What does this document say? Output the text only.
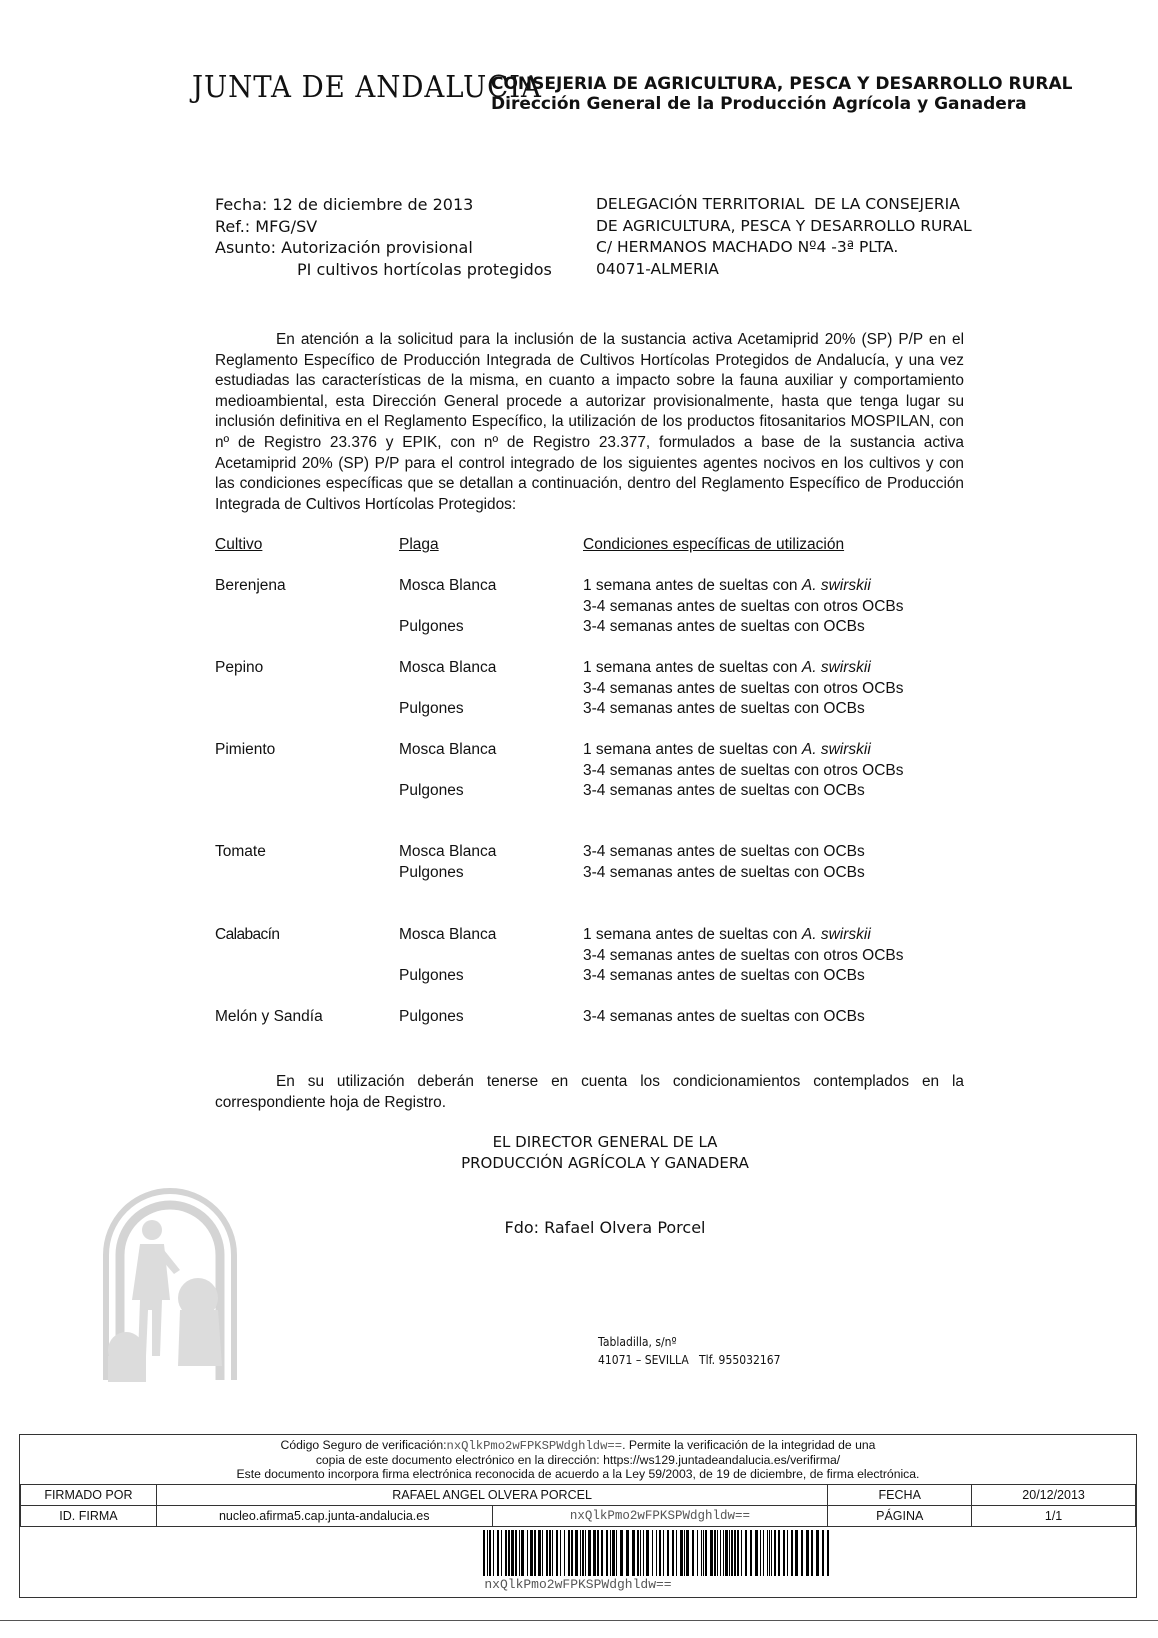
JUNTA DE ANDALUCIA
CONSEJERIA DE AGRICULTURA, PESCA Y DESARROLLO RURAL
Dirección General de la Producción Agrícola y Ganadera
Fecha: 12 de diciembre de 2013
Ref.: MFG/SV
Asunto: Autorización provisional
PI cultivos hortícolas protegidos
DELEGACIÓN TERRITORIAL  DE LA CONSEJERIA
DE AGRICULTURA, PESCA Y DESARROLLO RURAL
C/ HERMANOS MACHADO Nº4 -3ª PLTA.
04071-ALMERIA

En atención a la solicitud para la inclusión de la sustancia activa Acetamiprid 20% (SP) P/P en el Reglamento Específico de Producción Integrada de Cultivos Hortícolas Protegidos de Andalucía, y una vez estudiadas las características de la misma, en cuanto a impacto sobre la fauna auxiliar y comportamiento medioambiental, esta Dirección General procede a autorizar provisionalmente, hasta que tenga lugar su inclusión definitiva en el Reglamento Específico, la utilización de los productos fitosanitarios MOSPILAN, con nº de Registro 23.376 y EPIK, con nº de Registro 23.377, formulados a base de la sustancia activa Acetamiprid 20% (SP) P/P para el control integrado de los siguientes agentes nocivos en los cultivos y con las condiciones específicas que se detallan a continuación, dentro del Reglamento Específico de Producción Integrada de Cultivos Hortícolas Protegidos:

Cultivo	Plaga	Condiciones específicas de utilización
Berenjena	Mosca Blanca	1 semana antes de sueltas con A. swirskii
3-4 semanas antes de sueltas con otros OCBs
Pulgones	3-4 semanas antes de sueltas con OCBs
Pepino	Mosca Blanca	1 semana antes de sueltas con A. swirskii
3-4 semanas antes de sueltas con otros OCBs
Pulgones	3-4 semanas antes de sueltas con OCBs
Pimiento	Mosca Blanca	1 semana antes de sueltas con A. swirskii
3-4 semanas antes de sueltas con otros OCBs
Pulgones	3-4 semanas antes de sueltas con OCBs
Tomate	Mosca Blanca	3-4 semanas antes de sueltas con OCBs
Pulgones	3-4 semanas antes de sueltas con OCBs
Calabacín	Mosca Blanca	1 semana antes de sueltas con A. swirskii
3-4 semanas antes de sueltas con otros OCBs
Pulgones	3-4 semanas antes de sueltas con OCBs
Melón y Sandía	Pulgones	3-4 semanas antes de sueltas con OCBs

En su utilización deberán tenerse en cuenta los condicionamientos contemplados en la correspondiente hoja de Registro.

EL DIRECTOR GENERAL DE LA
PRODUCCIÓN AGRÍCOLA Y GANADERA
Fdo: Rafael Olvera Porcel
Tabladilla, s/nº
41071 – SEVILLA   Tlf. 955032167
Código Seguro de verificación:nxQlkPmo2wFPKSPWdghldw==. Permite la verificación de la integridad de una
copia de este documento electrónico en la dirección: https://ws129.juntadeandalucia.es/verifirma/
Este documento incorpora firma electrónica reconocida de acuerdo a la Ley 59/2003, de 19 de diciembre, de firma electrónica.
FIRMADO POR	RAFAEL ANGEL OLVERA PORCEL		FECHA	20/12/2013
ID. FIRMA	nucleo.afirma5.cap.junta-andalucia.es	nxQlkPmo2wFPKSPWdghldw==	PÁGINA	1/1
nxQlkPmo2wFPKSPWdghldw==
